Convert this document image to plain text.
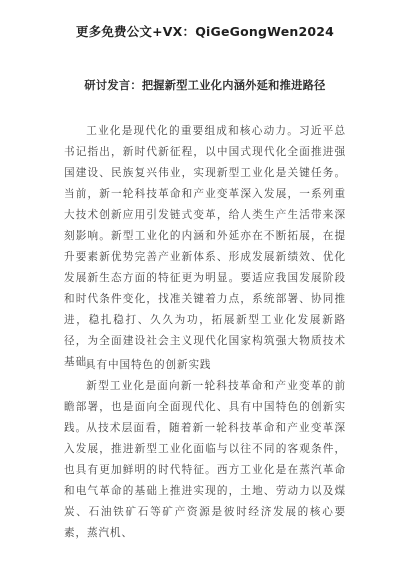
更多免费公文+VX：QiGeGongWen2024
研讨发言：把握新型工业化内涵外延和推进路径

工业化是现代化的重要组成和核心动力。习近平总书记指出，新时代新征程，以中国式现代化全面推进强国建设、民族复兴伟业，实现新型工业化是关键任务。当前，新一轮科技革命和产业变革深入发展，一系列重大技术创新应用引发链式变革，给人类生产生活带来深刻影响。新型工业化的内涵和外延亦在不断拓展，在提升要素新优势完善产业新体系、形成发展新绩效、优化发展新生态方面的特征更为明显。要适应我国发展阶段和时代条件变化，找准关键着力点，系统部署、协同推进，稳扎稳打、久久为功，拓展新型工业化发展新路径，为全面建设社会主义现代化国家构筑强大物质技术基础。

具有中国特色的创新实践

新型工业化是面向新一轮科技革命和产业变革的前瞻部署，也是面向全面现代化、具有中国特色的创新实践。 从技术层面看，随着新一轮科技革命和产业变革深入发展，推进新型工业化面临与以往不同的客观条件，也具有更加鲜明的时代特征。西方工业化是在蒸汽革命和电气革命的基础上推进实现的，土地、劳动力以及煤炭、石油铁矿石等矿产资源是彼时经济发展的核心要素，蒸汽机、
